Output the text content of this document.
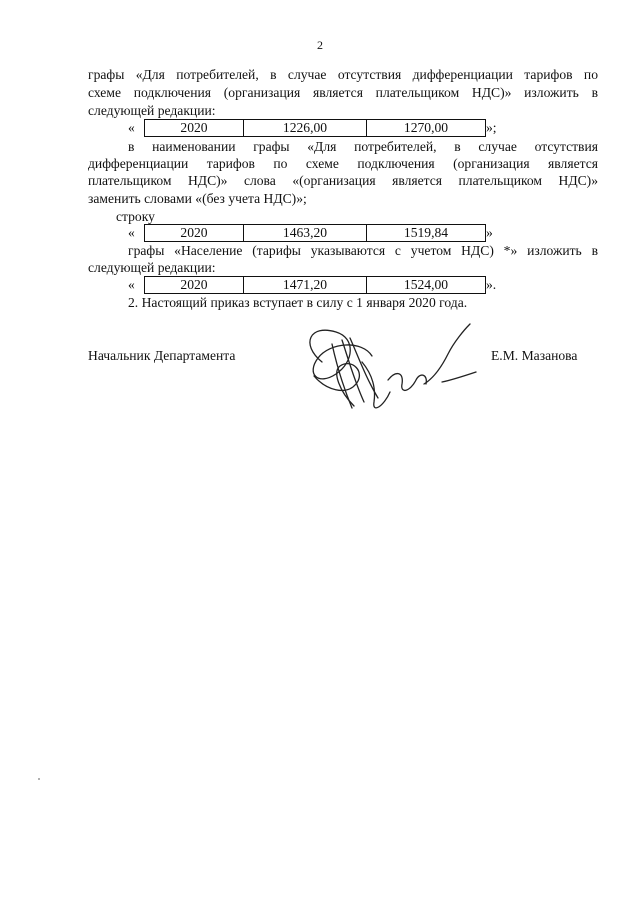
2
графы «Для потребителей, в случае отсутствия дифференциации тарифов по
схеме подключения (организация является плательщиком НДС)» изложить в
следующей редакции:
«	2020	1226,00	1270,00	»;
в наименовании графы «Для потребителей, в случае отсутствия
дифференциации тарифов по схеме подключения (организация является
плательщиком НДС)» слова «(организация является плательщиком НДС)»
заменить словами «(без учета НДС)»;
строку
«	2020	1463,20	1519,84	»
графы «Население (тарифы указываются с учетом НДС) *» изложить в
следующей редакции:
«	2020	1471,20	1524,00	».
2. Настоящий приказ вступает в силу с 1 января 2020 года.
Начальник Департамента	Е.М. Мазанова
